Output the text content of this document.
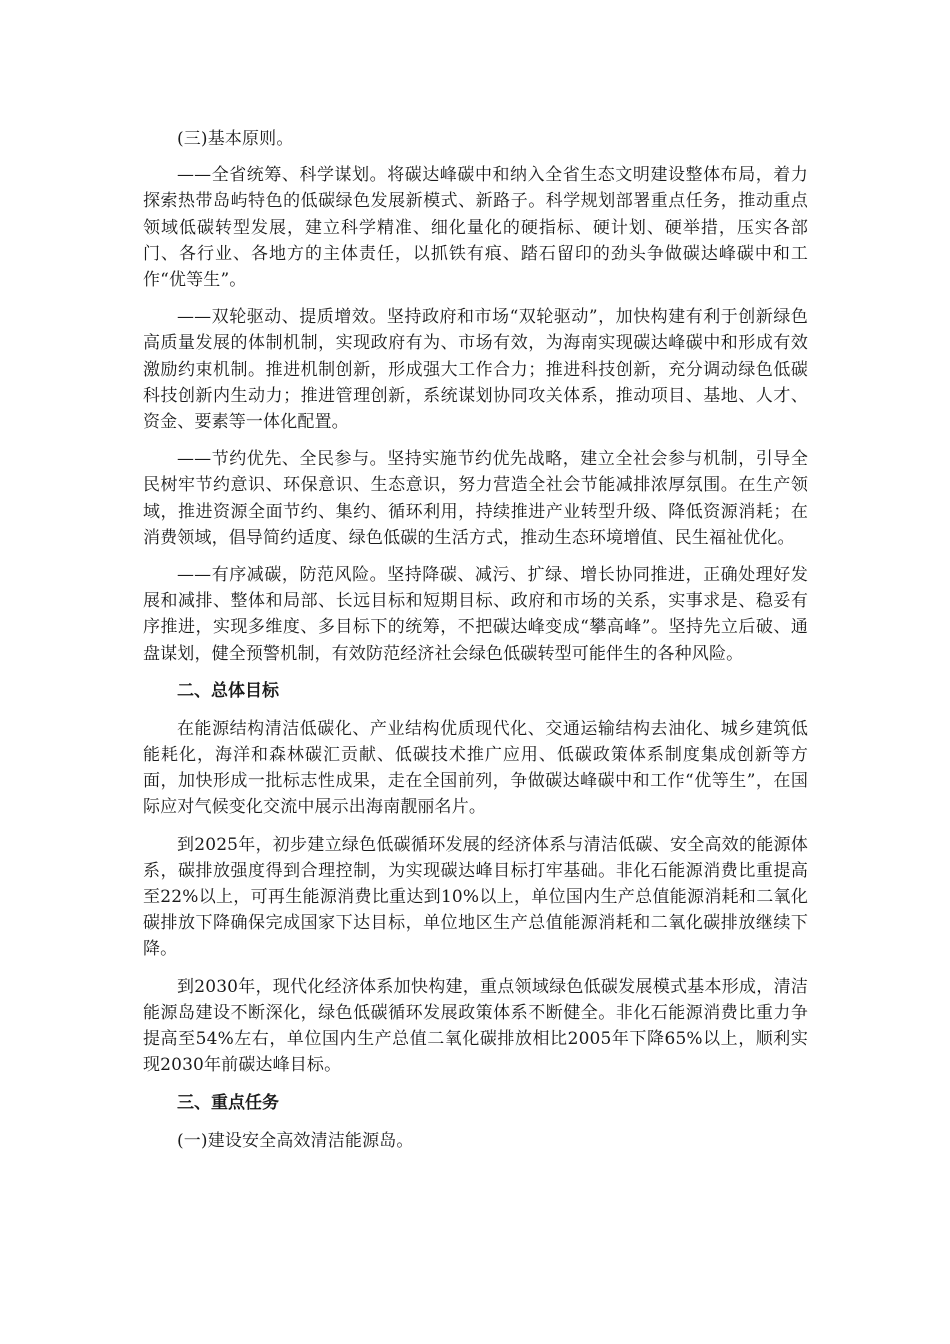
(三)基本原则。

——全省统筹、科学谋划。将碳达峰碳中和纳入全省生态文明建设整体布局，着力探索热带岛屿特色的低碳绿色发展新模式、新路子。科学规划部署重点任务，推动重点领域低碳转型发展，建立科学精准、细化量化的硬指标、硬计划、硬举措，压实各部门、各行业、各地方的主体责任，以抓铁有痕、踏石留印的劲头争做碳达峰碳中和工作“优等生”。

——双轮驱动、提质增效。坚持政府和市场“双轮驱动”，加快构建有利于创新绿色高质量发展的体制机制，实现政府有为、市场有效，为海南实现碳达峰碳中和形成有效激励约束机制。推进机制创新，形成强大工作合力；推进科技创新，充分调动绿色低碳科技创新内生动力；推进管理创新，系统谋划协同攻关体系，推动项目、基地、人才、资金、要素等一体化配置。

——节约优先、全民参与。坚持实施节约优先战略，建立全社会参与机制，引导全民树牢节约意识、环保意识、生态意识，努力营造全社会节能减排浓厚氛围。在生产领域，推进资源全面节约、集约、循环利用，持续推进产业转型升级、降低资源消耗；在消费领域，倡导简约适度、绿色低碳的生活方式，推动生态环境增值、民生福祉优化。

——有序减碳，防范风险。坚持降碳、减污、扩绿、增长协同推进，正确处理好发展和减排、整体和局部、长远目标和短期目标、政府和市场的关系，实事求是、稳妥有序推进，实现多维度、多目标下的统筹，不把碳达峰变成“攀高峰”。坚持先立后破、通盘谋划，健全预警机制，有效防范经济社会绿色低碳转型可能伴生的各种风险。

二、总体目标

在能源结构清洁低碳化、产业结构优质现代化、交通运输结构去油化、城乡建筑低能耗化，海洋和森林碳汇贡献、低碳技术推广应用、低碳政策体系制度集成创新等方面，加快形成一批标志性成果，走在全国前列，争做碳达峰碳中和工作“优等生”，在国际应对气候变化交流中展示出海南靓丽名片。

到2025年，初步建立绿色低碳循环发展的经济体系与清洁低碳、安全高效的能源体系，碳排放强度得到合理控制，为实现碳达峰目标打牢基础。非化石能源消费比重提高至22%以上，可再生能源消费比重达到10%以上，单位国内生产总值能源消耗和二氧化碳排放下降确保完成国家下达目标，单位地区生产总值能源消耗和二氧化碳排放继续下降。

到2030年，现代化经济体系加快构建，重点领域绿色低碳发展模式基本形成，清洁能源岛建设不断深化，绿色低碳循环发展政策体系不断健全。非化石能源消费比重力争提高至54%左右，单位国内生产总值二氧化碳排放相比2005年下降65%以上，顺利实现2030年前碳达峰目标。

三、重点任务

(一)建设安全高效清洁能源岛。
